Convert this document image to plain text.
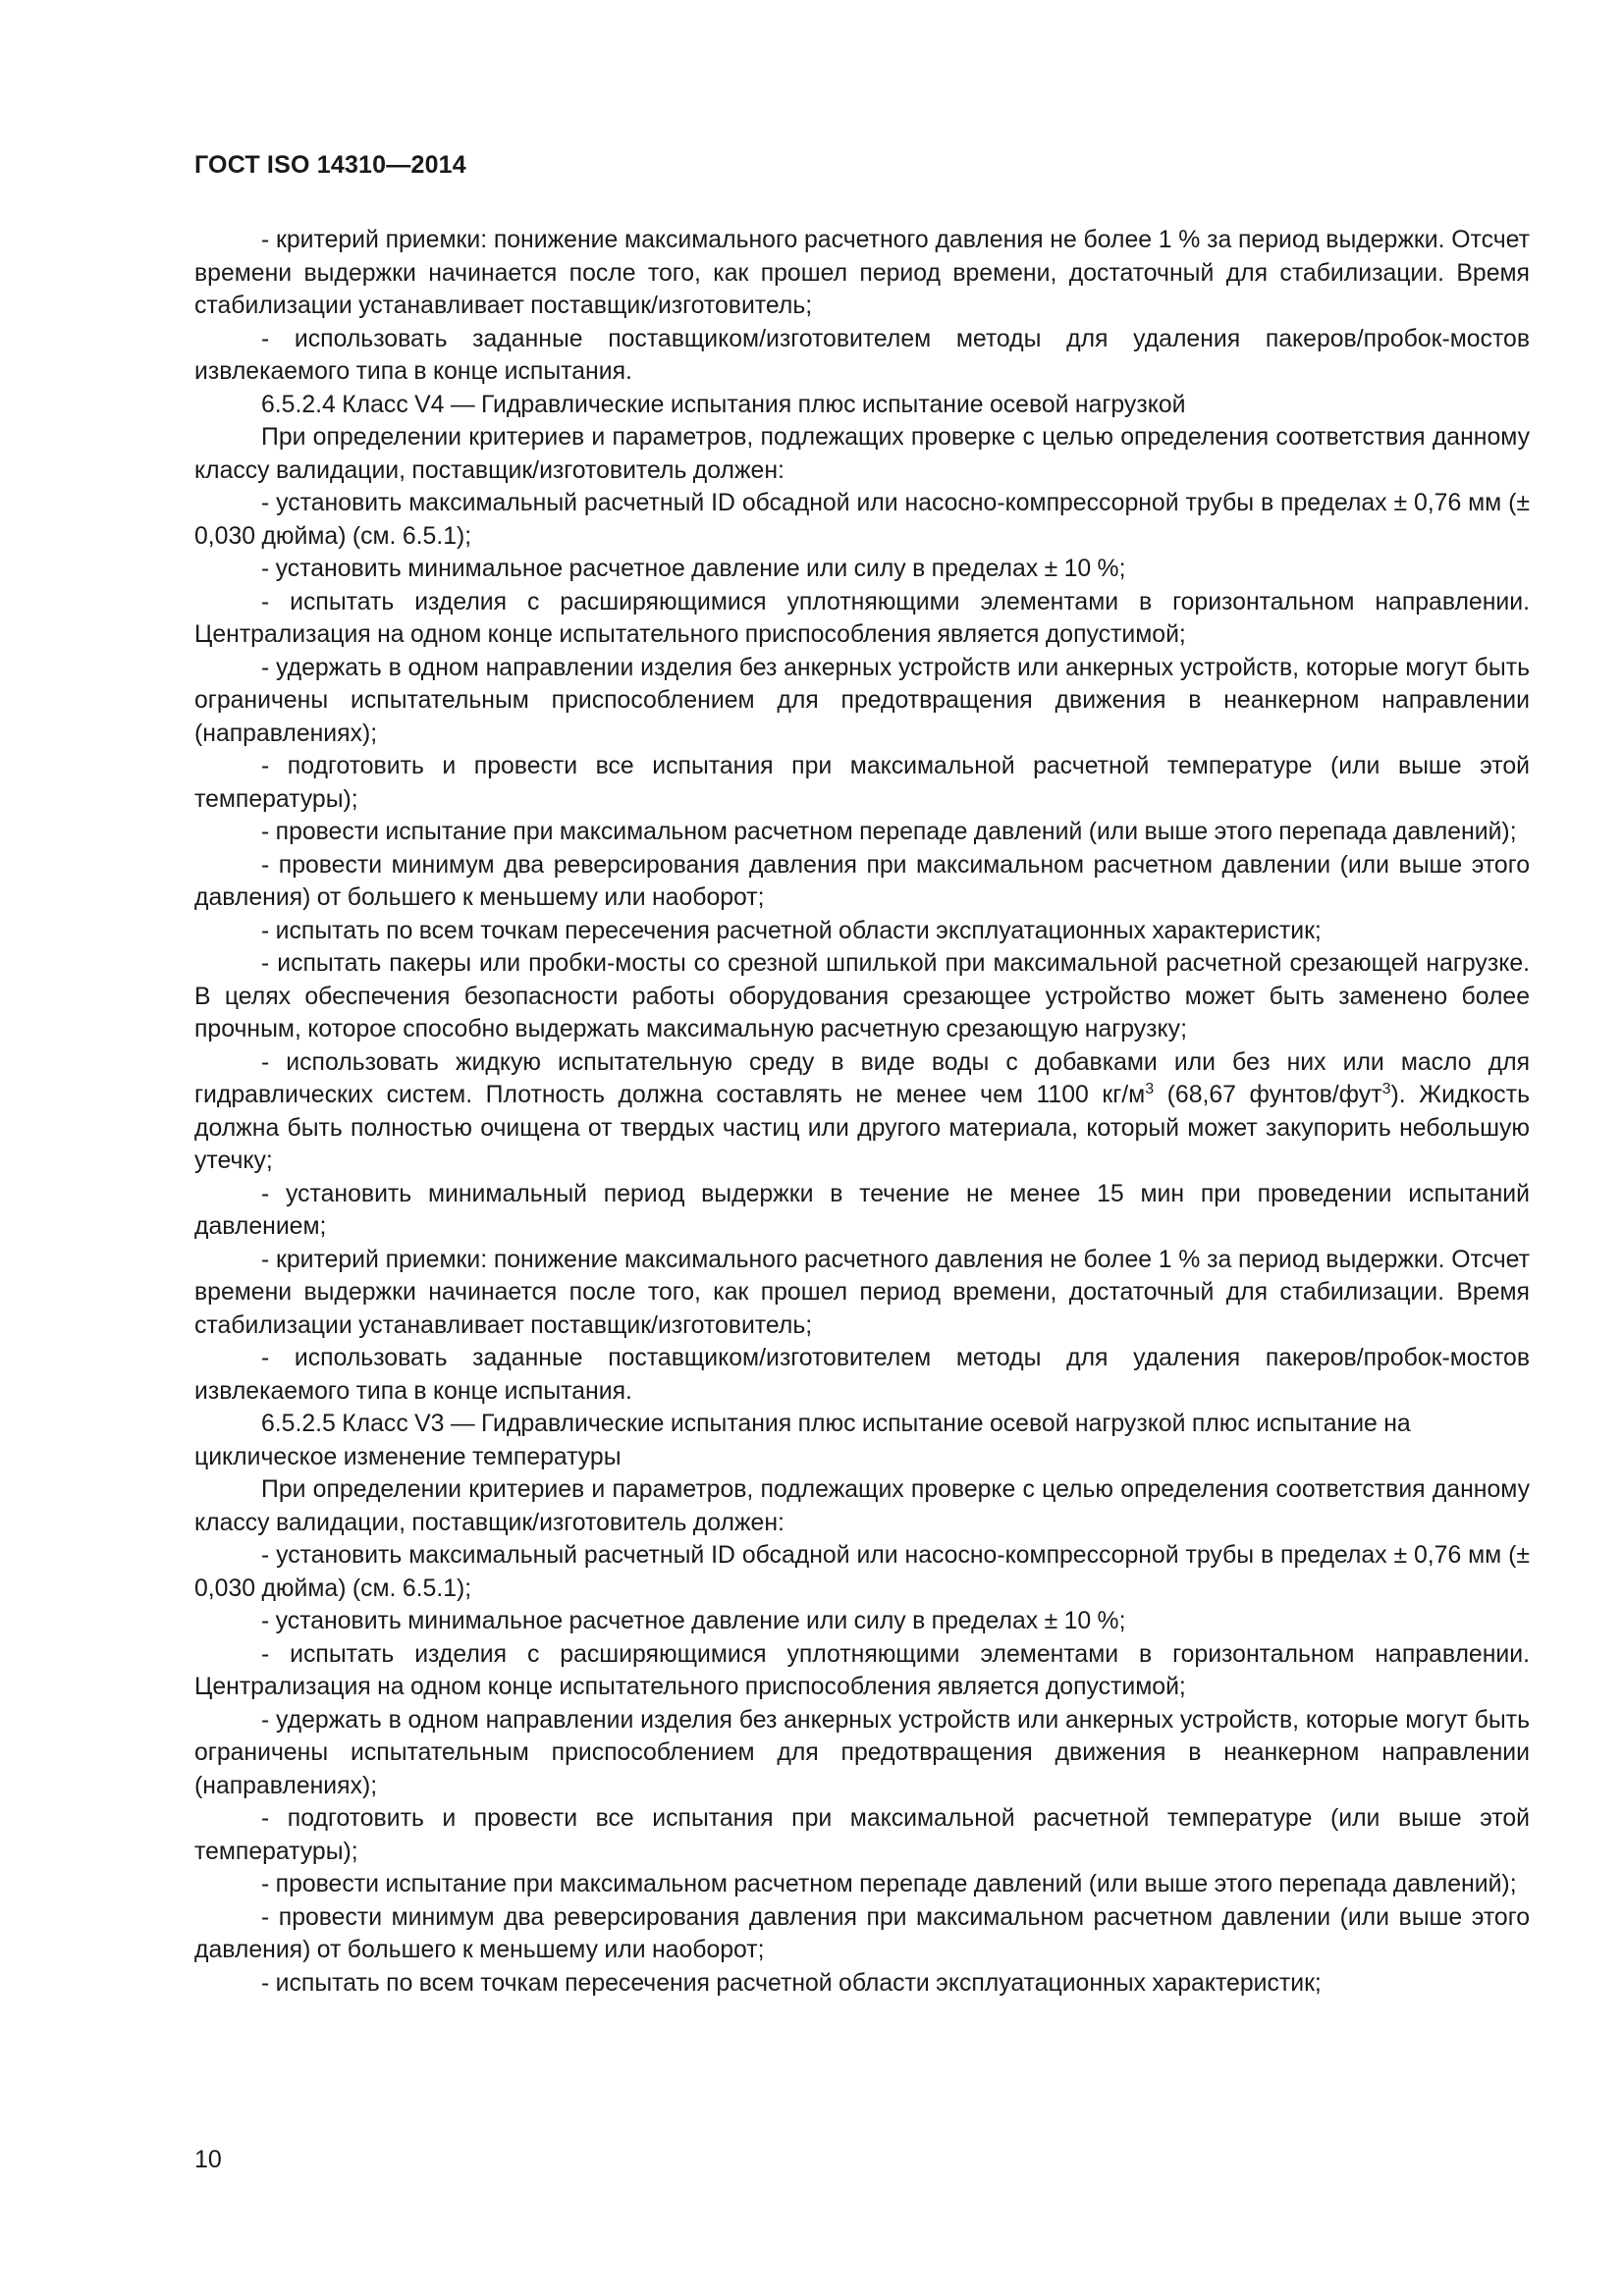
ГОСТ ISO 14310—2014

- критерий приемки: понижение максимального расчетного давления не более 1 % за период выдержки. Отсчет времени выдержки начинается после того, как прошел период времени, достаточный для стабилизации. Время стабилизации устанавливает поставщик/изготовитель;

- использовать заданные поставщиком/изготовителем методы для удаления пакеров/пробок-мостов извлекаемого типа в конце испытания.

6.5.2.4 Класс V4 — Гидравлические испытания плюс испытание осевой нагрузкой

При определении критериев и параметров, подлежащих проверке с целью определения соответствия данному классу валидации, поставщик/изготовитель должен:

- установить максимальный расчетный ID обсадной или насосно-компрессорной трубы в пределах ± 0,76 мм (± 0,030 дюйма) (см. 6.5.1);

- установить минимальное расчетное давление или силу в пределах ± 10 %;

- испытать изделия с расширяющимися уплотняющими элементами в горизонтальном направлении. Централизация на одном конце испытательного приспособления является допустимой;

- удержать в одном направлении изделия без анкерных устройств или анкерных устройств, которые могут быть ограничены испытательным приспособлением для предотвращения движения в неанкерном направлении (направлениях);

- подготовить и провести все испытания при максимальной расчетной температуре (или выше этой температуры);

- провести испытание при максимальном расчетном перепаде давлений (или выше этого перепада давлений);

- провести минимум два реверсирования давления при максимальном расчетном давлении (или выше этого давления) от большего к меньшему или наоборот;

- испытать по всем точкам пересечения расчетной области эксплуатационных характеристик;

- испытать пакеры или пробки-мосты со срезной шпилькой при максимальной расчетной срезающей нагрузке. В целях обеспечения безопасности работы оборудования срезающее устройство может быть заменено более прочным, которое способно выдержать максимальную расчетную срезающую нагрузку;

- использовать жидкую испытательную среду в виде воды с добавками или без них или масло для гидравлических систем. Плотность должна составлять не менее чем 1100 $кг/м^3$ (68,67 фунтов/фут$^3$). Жидкость должна быть полностью очищена от твердых частиц или другого материала, который может закупорить небольшую утечку;

- установить минимальный период выдержки в течение не менее 15 мин при проведении испытаний давлением;

- критерий приемки: понижение максимального расчетного давления не более 1 % за период выдержки. Отсчет времени выдержки начинается после того, как прошел период времени, достаточный для стабилизации. Время стабилизации устанавливает поставщик/изготовитель;

- использовать заданные поставщиком/изготовителем методы для удаления пакеров/пробок-мостов извлекаемого типа в конце испытания.

6.5.2.5 Класс V3 — Гидравлические испытания плюс испытание осевой нагрузкой плюс испытание на циклическое изменение температуры

При определении критериев и параметров, подлежащих проверке с целью определения соответствия данному классу валидации, поставщик/изготовитель должен:

- установить максимальный расчетный ID обсадной или насосно-компрессорной трубы в пределах ± 0,76 мм (± 0,030 дюйма) (см. 6.5.1);

- установить минимальное расчетное давление или силу в пределах ± 10 %;

- испытать изделия с расширяющимися уплотняющими элементами в горизонтальном направлении. Централизация на одном конце испытательного приспособления является допустимой;

- удержать в одном направлении изделия без анкерных устройств или анкерных устройств, которые могут быть ограничены испытательным приспособлением для предотвращения движения в неанкерном направлении (направлениях);

- подготовить и провести все испытания при максимальной расчетной температуре (или выше этой температуры);

- провести испытание при максимальном расчетном перепаде давлений (или выше этого перепада давлений);

- провести минимум два реверсирования давления при максимальном расчетном давлении (или выше этого давления) от большего к меньшему или наоборот;

- испытать по всем точкам пересечения расчетной области эксплуатационных характеристик;

10
